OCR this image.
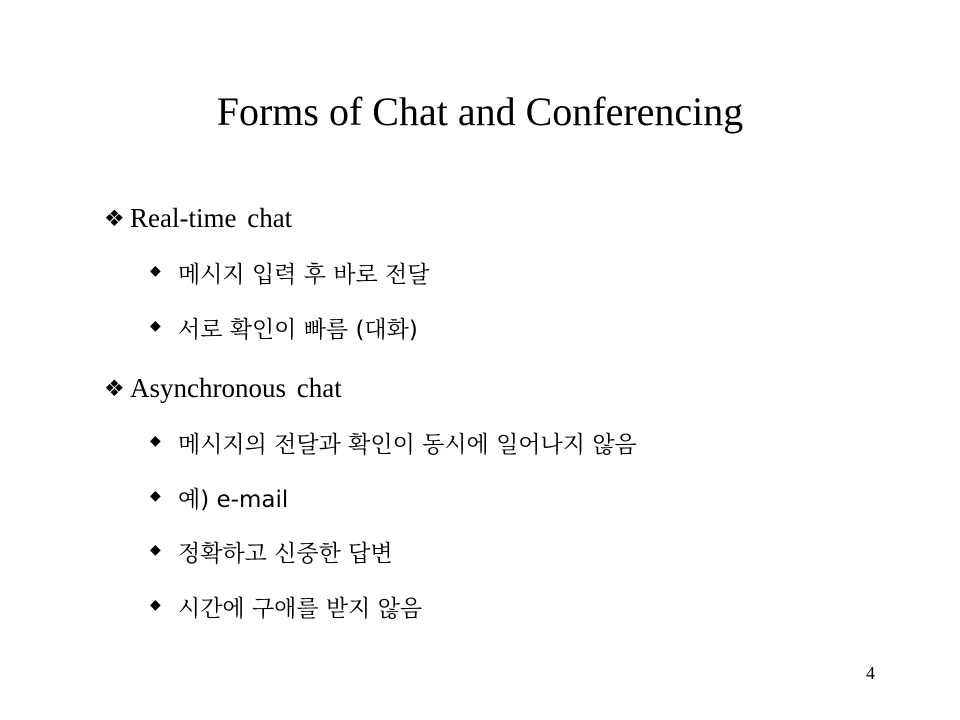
Forms of Chat and Conferencing
❖ Real-time chat
◆ 메시지 입력 후 바로 전달
◆ 서로 확인이 빠름 (대화)
❖ Asynchronous chat
◆ 메시지의 전달과 확인이 동시에 일어나지 않음
◆ 예) e-mail
◆ 정확하고 신중한 답변
◆ 시간에 구애를 받지 않음
4
